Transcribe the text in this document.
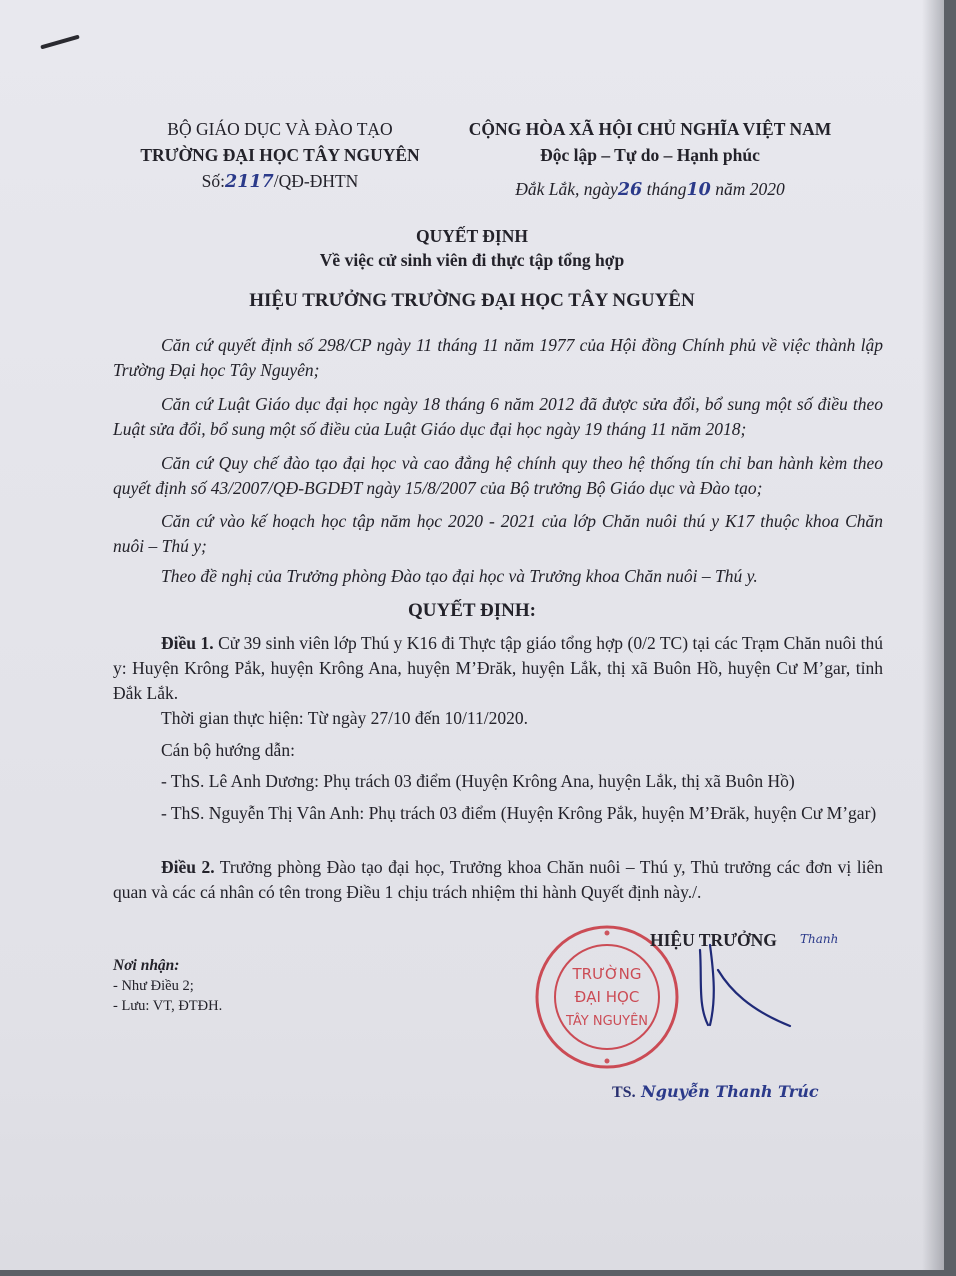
BỘ GIÁO DỤC VÀ ĐÀO TẠO
TRƯỜNG ĐẠI HỌC TÂY NGUYÊN
Số:2117/QĐ-ĐHTN
CỘNG HÒA XÃ HỘI CHỦ NGHĨA VIỆT NAM
Độc lập – Tự do – Hạnh phúc
Đắk Lắk, ngày26 tháng10 năm 2020
QUYẾT ĐỊNH
Về việc cử sinh viên đi thực tập tổng hợp
HIỆU TRƯỞNG TRƯỜNG ĐẠI HỌC TÂY NGUYÊN

Căn cứ quyết định số 298/CP ngày 11 tháng 11 năm 1977 của Hội đồng Chính phủ về việc thành lập Trường Đại học Tây Nguyên;

Căn cứ Luật Giáo dục đại học ngày 18 tháng 6 năm 2012 đã được sửa đổi, bổ sung một số điều theo Luật sửa đổi, bổ sung một số điều của Luật Giáo dục đại học ngày 19 tháng 11 năm 2018;

Căn cứ Quy chế đào tạo đại học và cao đẳng hệ chính quy theo hệ thống tín chỉ ban hành kèm theo quyết định số 43/2007/QĐ-BGDĐT ngày 15/8/2007 của Bộ trưởng Bộ Giáo dục và Đào tạo;

Căn cứ vào kế hoạch học tập năm học 2020 - 2021 của lớp Chăn nuôi thú y K17 thuộc khoa Chăn nuôi – Thú y;

Theo đề nghị của Trưởng phòng Đào tạo đại học và Trưởng khoa Chăn nuôi – Thú y.

QUYẾT ĐỊNH:

Điều 1. Cử 39 sinh viên lớp Thú y K16 đi Thực tập giáo tổng hợp (0/2 TC) tại các Trạm Chăn nuôi thú y: Huyện Krông Pắk, huyện Krông Ana, huyện M’Đrăk, huyện Lắk, thị xã Buôn Hồ, huyện Cư M’gar, tỉnh Đắk Lắk.

Thời gian thực hiện: Từ ngày 27/10 đến 10/11/2020.

Cán bộ hướng dẫn:

- ThS. Lê Anh Dương: Phụ trách 03 điểm (Huyện Krông Ana, huyện Lắk, thị xã Buôn Hồ)

- ThS. Nguyễn Thị Vân Anh: Phụ trách 03 điểm (Huyện Krông Pắk, huyện M’Đrăk, huyện Cư M’gar)

Điều 2. Trưởng phòng Đào tạo đại học, Trưởng khoa Chăn nuôi – Thú y, Thủ trưởng các đơn vị liên quan và các cá nhân có tên trong Điều 1 chịu trách nhiệm thi hành Quyết định này./.

Nơi nhận:
- Như Điều 2;
- Lưu: VT, ĐTĐH.
TRƯỜNG
ĐẠI HỌC
TÂY NGUYÊN
HIỆU TRƯỞNG Thanh
TS. Nguyễn Thanh Trúc
